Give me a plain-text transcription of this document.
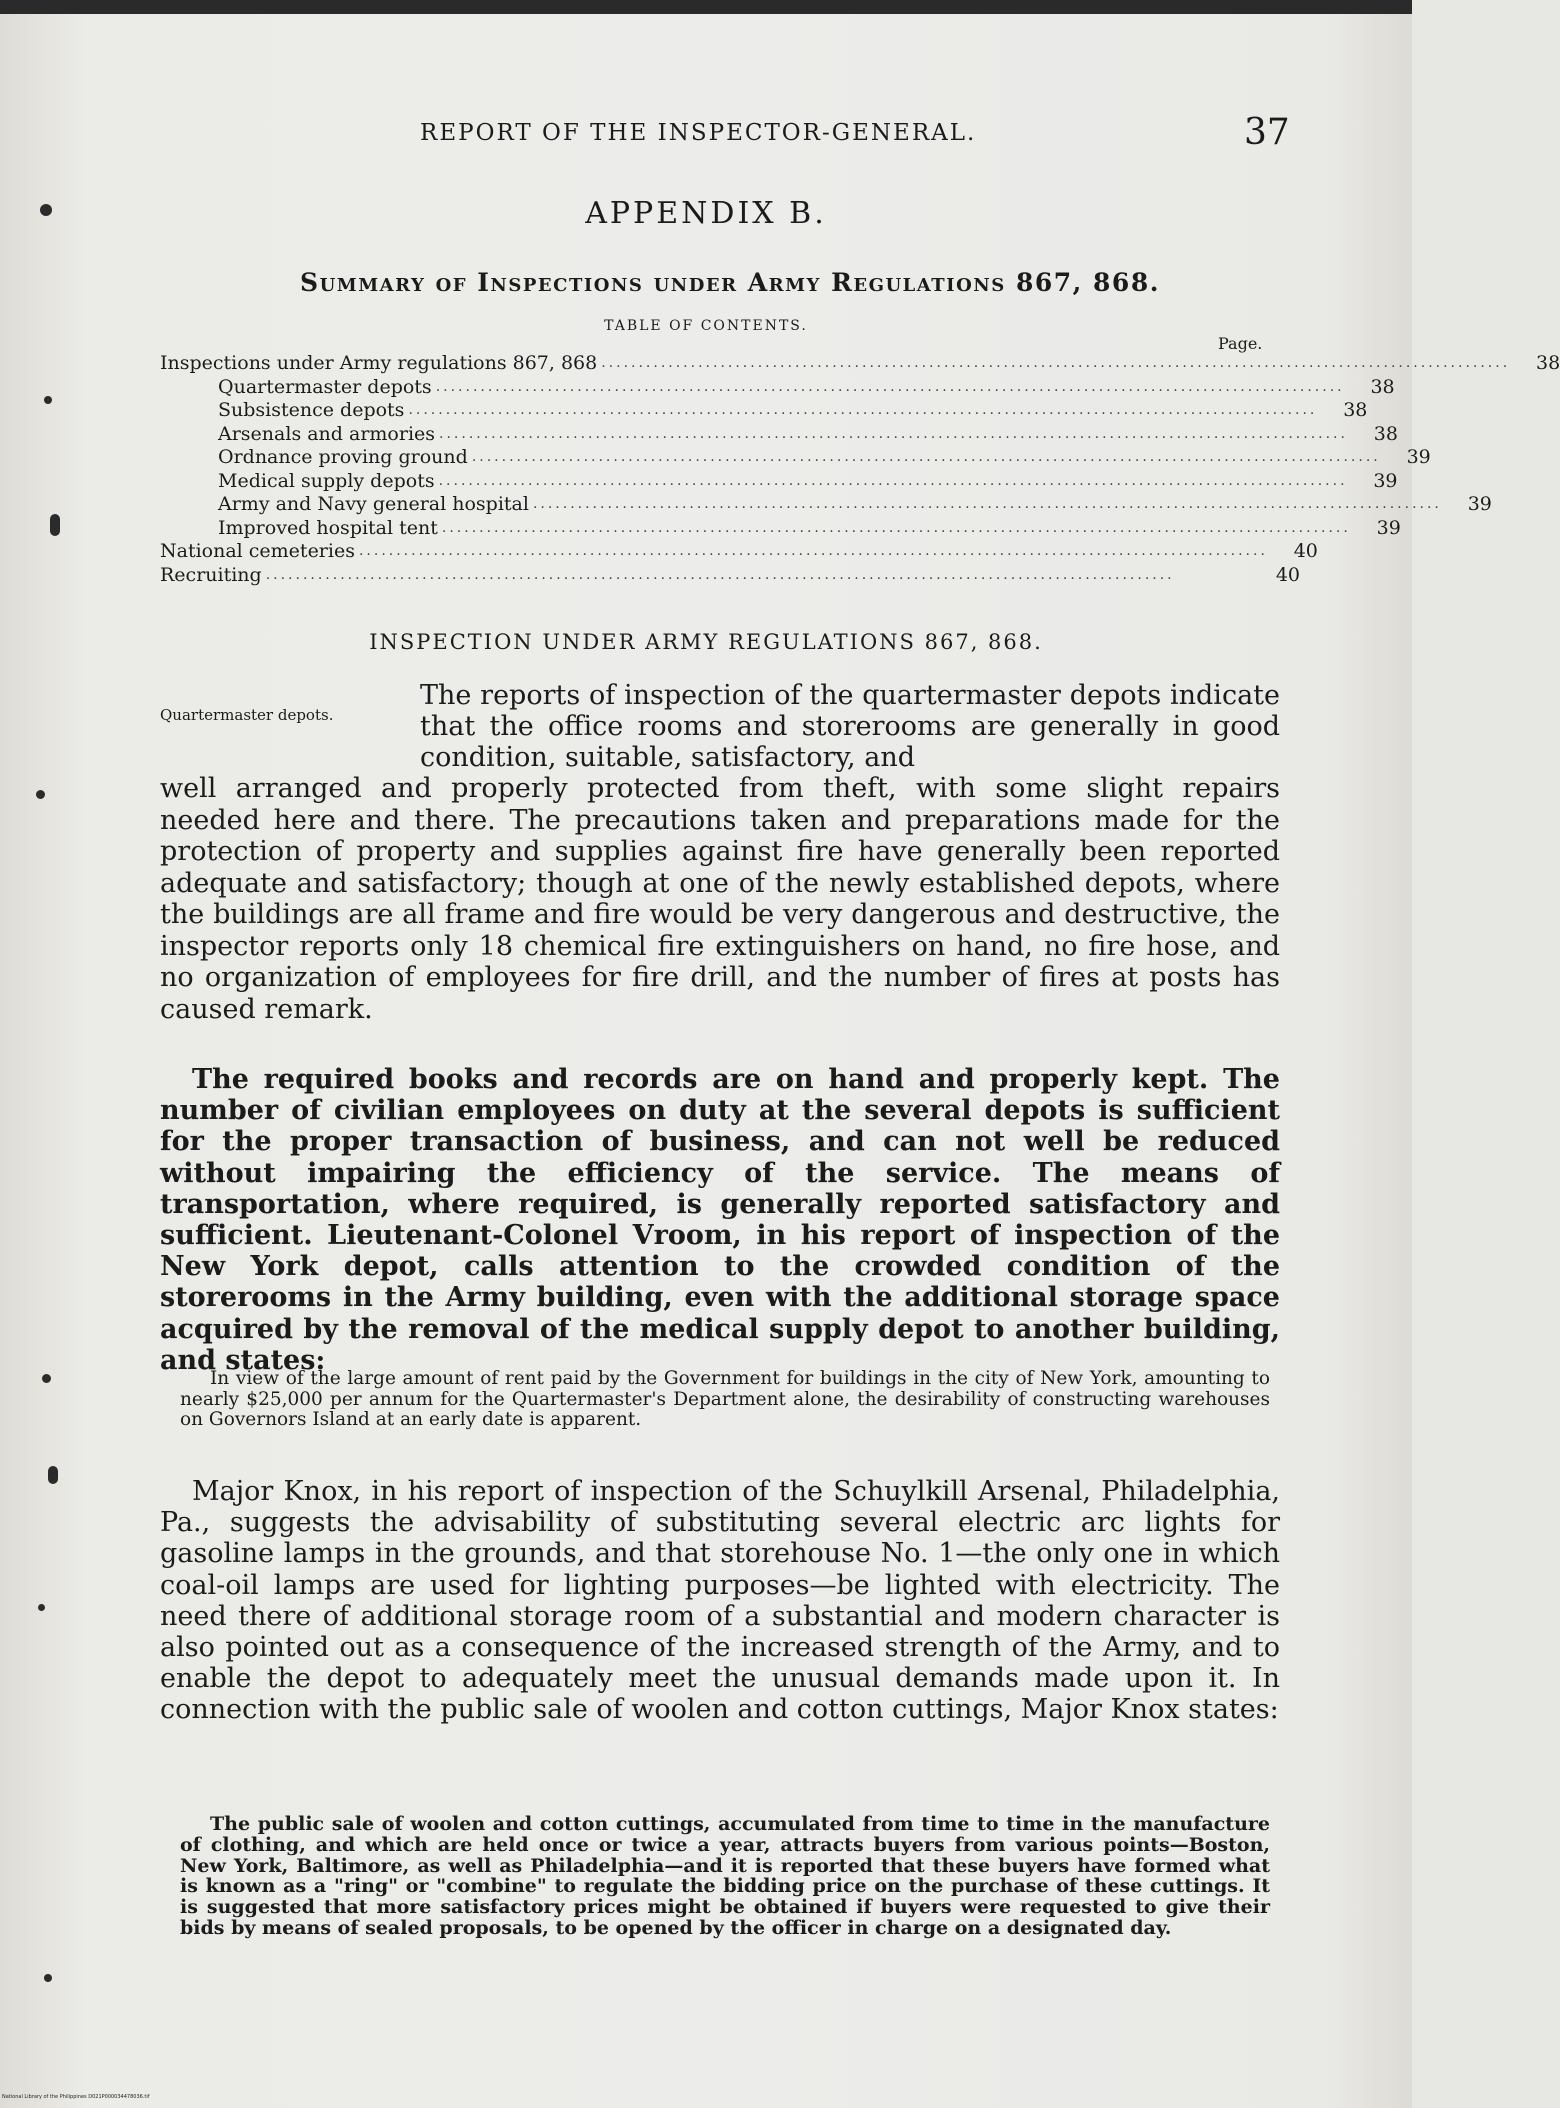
REPORT OF THE INSPECTOR-GENERAL.	37
APPENDIX B.
Summary of Inspections under Army Regulations 867, 868.
TABLE OF CONTENTS.
Page.
Inspections under Army regulations 867, 868 ..........................................................................................................................	38
Quartermaster depots ..........................................................................................................................	38
Subsistence depots ..........................................................................................................................	38
Arsenals and armories ..........................................................................................................................	38
Ordnance proving ground ..........................................................................................................................	39
Medical supply depots ..........................................................................................................................	39
Army and Navy general hospital ..........................................................................................................................	39
Improved hospital tent ..........................................................................................................................	39
National cemeteries ..........................................................................................................................	40
Recruiting ..........................................................................................................................	40
INSPECTION UNDER ARMY REGULATIONS 867, 868.
Quartermaster depots.
The reports of inspection of the quartermaster depots indicate that the office rooms and storerooms are generally in good condition, suitable, satisfactory, and
well arranged and properly protected from theft, with some slight repairs needed here and there. The precautions taken and preparations made for the protection of property and supplies against fire have generally been reported adequate and satisfactory; though at one of the newly established depots, where the buildings are all frame and fire would be very dangerous and destructive, the inspector reports only 18 chemical fire extinguishers on hand, no fire hose, and no organization of employees for fire drill, and the number of fires at posts has caused remark.
The required books and records are on hand and properly kept. The number of civilian employees on duty at the several depots is sufficient for the proper transaction of business, and can not well be reduced without impairing the efficiency of the service. The means of transportation, where required, is generally reported satisfactory and sufficient. Lieutenant-Colonel Vroom, in his report of inspection of the New York depot, calls attention to the crowded condition of the storerooms in the Army building, even with the additional storage space acquired by the removal of the medical supply depot to another building, and states:
In view of the large amount of rent paid by the Government for buildings in the city of New York, amounting to nearly $25,000 per annum for the Quartermaster's Department alone, the desirability of constructing warehouses on Governors Island at an early date is apparent.
Major Knox, in his report of inspection of the Schuylkill Arsenal, Philadelphia, Pa., suggests the advisability of substituting several electric arc lights for gasoline lamps in the grounds, and that storehouse No. 1—the only one in which coal-oil lamps are used for lighting purposes—be lighted with electricity. The need there of additional storage room of a substantial and modern character is also pointed out as a consequence of the increased strength of the Army, and to enable the depot to adequately meet the unusual demands made upon it. In connection with the public sale of woolen and cotton cuttings, Major Knox states:
The public sale of woolen and cotton cuttings, accumulated from time to time in the manufacture of clothing, and which are held once or twice a year, attracts buyers from various points—Boston, New York, Baltimore, as well as Philadelphia—and it is reported that these buyers have formed what is known as a "ring" or "combine" to regulate the bidding price on the purchase of these cuttings. It is suggested that more satisfactory prices might be obtained if buyers were requested to give their bids by means of sealed proposals, to be opened by the officer in charge on a designated day.
National Library of the Philippines D021P000034478036.tif
